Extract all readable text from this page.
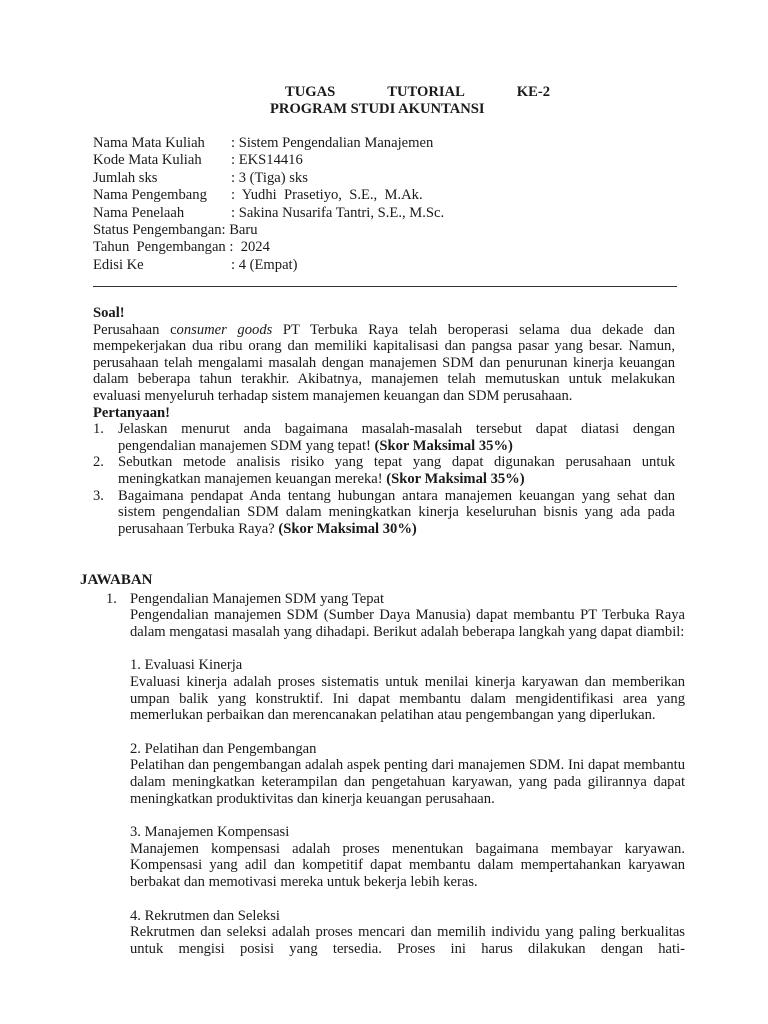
TUGAS	TUTORIAL	KE-2
PROGRAM STUDI AKUNTANSI
Nama Mata Kuliah : Sistem Pengendalian Manajemen
Kode Mata Kuliah : EKS14416
Jumlah sks	: 3 (Tiga) sks
Nama Pengembang :  Yudhi  Prasetiyo,  S.E.,  M.Ak.
Nama Penelaah	: Sakina Nusarifa Tantri, S.E., M.Sc.
Status Pengembangan: Baru
Tahun  Pengembangan :  2024
Edisi Ke	: 4 (Empat)
Soal!
Perusahaan consumer goods PT Terbuka Raya telah beroperasi selama dua dekade dan mempekerjakan dua ribu orang dan memiliki kapitalisasi dan pangsa pasar yang besar. Namun, perusahaan telah mengalami masalah dengan manajemen SDM dan penurunan kinerja keuangan dalam beberapa tahun terakhir. Akibatnya, manajemen telah memutuskan untuk melakukan evaluasi menyeluruh terhadap sistem manajemen keuangan dan SDM perusahaan.
Pertanyaan!
1. Jelaskan menurut anda bagaimana masalah-masalah tersebut dapat diatasi dengan pengendalian manajemen SDM yang tepat! (Skor Maksimal 35%)
2. Sebutkan metode analisis risiko yang tepat yang dapat digunakan perusahaan untuk meningkatkan manajemen keuangan mereka! (Skor Maksimal 35%)
3. Bagaimana pendapat Anda tentang hubungan antara manajemen keuangan yang sehat dan sistem pengendalian SDM dalam meningkatkan kinerja keseluruhan bisnis yang ada pada perusahaan Terbuka Raya? (Skor Maksimal 30%)
JAWABAN
1. Pengendalian Manajemen SDM yang Tepat
Pengendalian manajemen SDM (Sumber Daya Manusia) dapat membantu PT Terbuka Raya dalam mengatasi masalah yang dihadapi. Berikut adalah beberapa langkah yang dapat diambil:
1. Evaluasi Kinerja
Evaluasi kinerja adalah proses sistematis untuk menilai kinerja karyawan dan memberikan umpan balik yang konstruktif. Ini dapat membantu dalam mengidentifikasi area yang memerlukan perbaikan dan merencanakan pelatihan atau pengembangan yang diperlukan.
2. Pelatihan dan Pengembangan
Pelatihan dan pengembangan adalah aspek penting dari manajemen SDM. Ini dapat membantu dalam meningkatkan keterampilan dan pengetahuan karyawan, yang pada gilirannya dapat meningkatkan produktivitas dan kinerja keuangan perusahaan.
3. Manajemen Kompensasi
Manajemen kompensasi adalah proses menentukan bagaimana membayar karyawan. Kompensasi yang adil dan kompetitif dapat membantu dalam mempertahankan karyawan berbakat dan memotivasi mereka untuk bekerja lebih keras.
4. Rekrutmen dan Seleksi
Rekrutmen dan seleksi adalah proses mencari dan memilih individu yang paling berkualitas untuk mengisi posisi yang tersedia. Proses ini harus dilakukan dengan hati-
